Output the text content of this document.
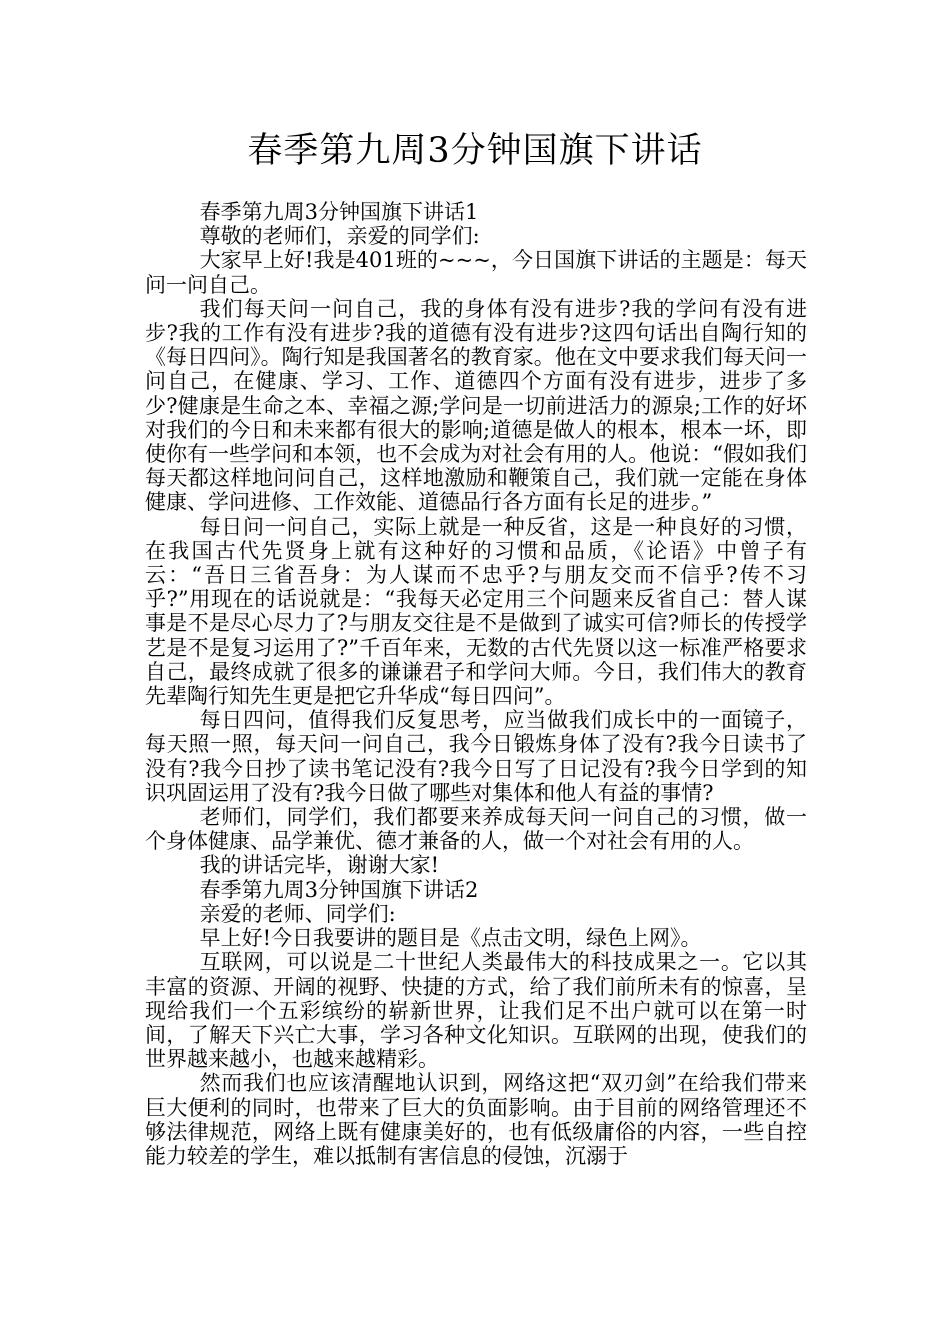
春季第九周3分钟国旗下讲话

春季第九周3分钟国旗下讲话1

尊敬的老师们，亲爱的同学们:

大家早上好!我是401班的~~~，今日国旗下讲话的主题是：每天问一问自己。

我们每天问一问自己，我的身体有没有进步?我的学问有没有进步?我的工作有没有进步?我的道德有没有进步?这四句话出自陶行知的《每日四问》。陶行知是我国著名的教育家。他在文中要求我们每天问一问自己，在健康、学习、工作、道德四个方面有没有进步，进步了多少?健康是生命之本、幸福之源;学问是一切前进活力的源泉;工作的好坏对我们的今日和未来都有很大的影响;道德是做人的根本，根本一坏，即使你有一些学问和本领，也不会成为对社会有用的人。他说：“假如我们每天都这样地问问自己，这样地激励和鞭策自己，我们就一定能在身体健康、学问进修、工作效能、道德品行各方面有长足的进步。”

每日问一问自己，实际上就是一种反省，这是一种良好的习惯，在我国古代先贤身上就有这种好的习惯和品质，《论语》中曾子有云：“吾日三省吾身：为人谋而不忠乎?与朋友交而不信乎?传不习乎?”用现在的话说就是：“我每天必定用三个问题来反省自己：替人谋事是不是尽心尽力了?与朋友交往是不是做到了诚实可信?师长的传授学艺是不是复习运用了?”千百年来，无数的古代先贤以这一标准严格要求自己，最终成就了很多的谦谦君子和学问大师。今日，我们伟大的教育先辈陶行知先生更是把它升华成“每日四问”。

每日四问，值得我们反复思考，应当做我们成长中的一面镜子，每天照一照，每天问一问自己，我今日锻炼身体了没有?我今日读书了没有?我今日抄了读书笔记没有?我今日写了日记没有?我今日学到的知识巩固运用了没有?我今日做了哪些对集体和他人有益的事情?

老师们，同学们，我们都要来养成每天问一问自己的习惯，做一个身体健康、品学兼优、德才兼备的人，做一个对社会有用的人。

我的讲话完毕，谢谢大家!

春季第九周3分钟国旗下讲话2

亲爱的老师、同学们:

早上好!今日我要讲的题目是《点击文明，绿色上网》。

互联网，可以说是二十世纪人类最伟大的科技成果之一。它以其丰富的资源、开阔的视野、快捷的方式，给了我们前所未有的惊喜，呈现给我们一个五彩缤纷的崭新世界，让我们足不出户就可以在第一时间，了解天下兴亡大事，学习各种文化知识。互联网的出现，使我们的世界越来越小，也越来越精彩。

然而我们也应该清醒地认识到，网络这把“双刃剑”在给我们带来巨大便利的同时，也带来了巨大的负面影响。由于目前的网络管理还不够法律规范，网络上既有健康美好的，也有低级庸俗的内容，一些自控能力较差的学生，难以抵制有害信息的侵蚀，沉溺于
